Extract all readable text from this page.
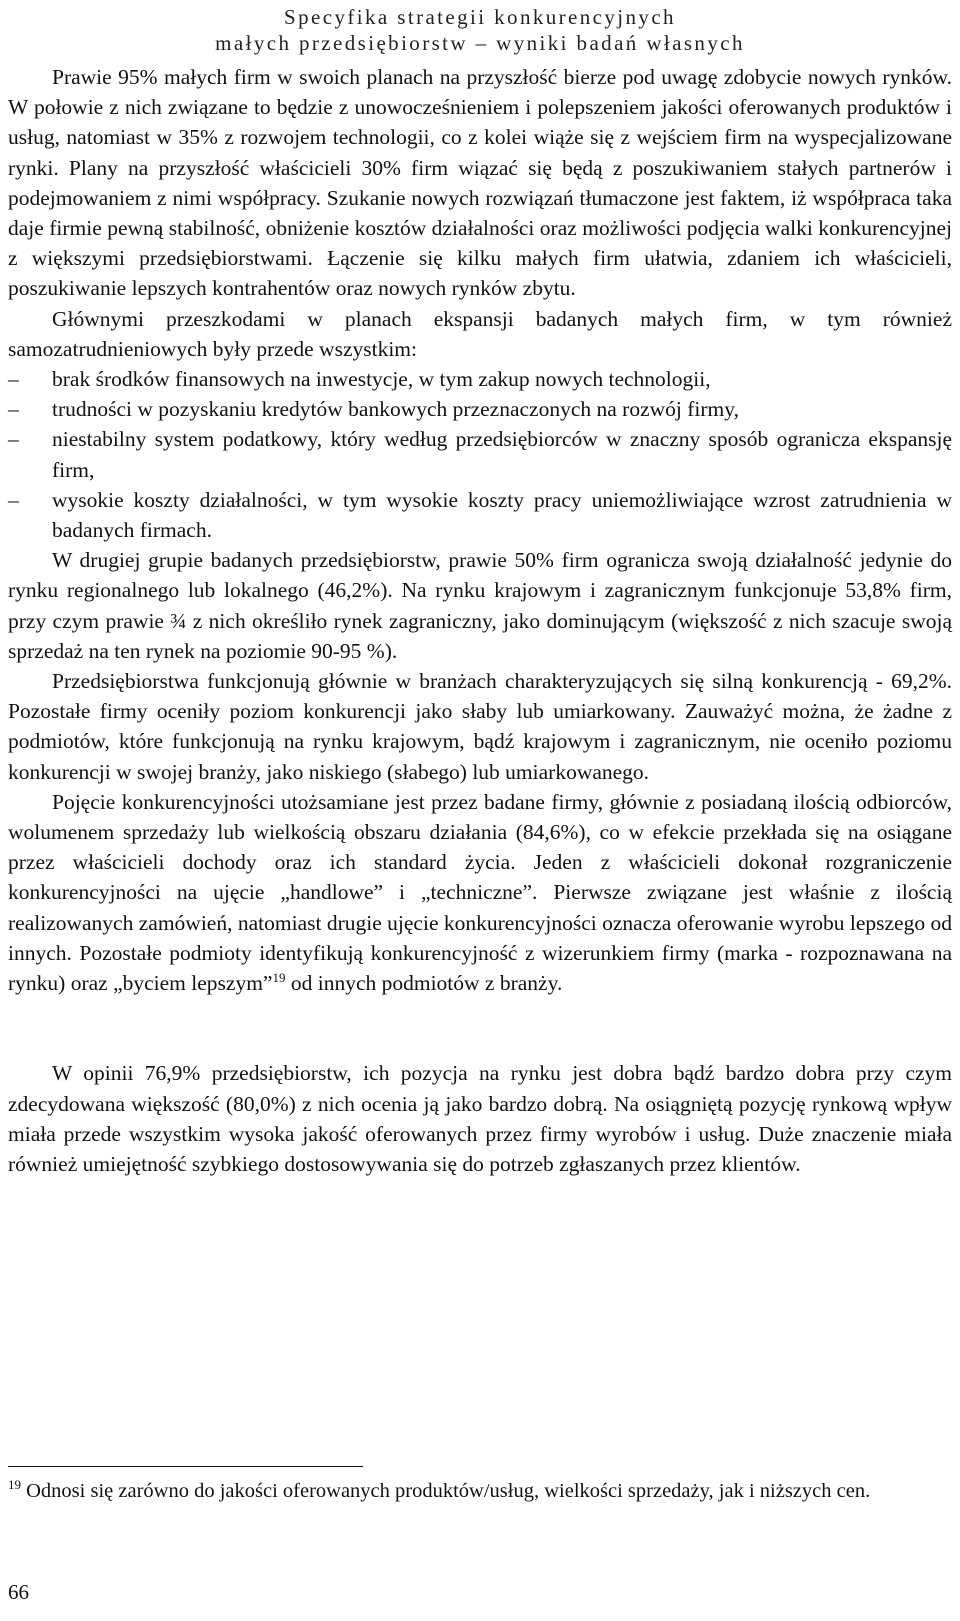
Specyfika strategii konkurencyjnych
małych przedsiębiorstw – wyniki badań własnych

Prawie 95% małych firm w swoich planach na przyszłość bierze pod uwagę zdobycie nowych rynków. W połowie z nich związane to będzie z unowocześnieniem i polepszeniem jakości oferowanych produktów i usług, natomiast w 35% z rozwojem technologii, co z kolei wiąże się z wejściem firm na wyspecjalizowane rynki. Plany na przyszłość właścicieli 30% firm wiązać się będą z poszukiwaniem stałych partnerów i podejmowaniem z nimi współpracy. Szukanie nowych rozwiązań tłumaczone jest faktem, iż współpraca taka daje firmie pewną stabilność, obniżenie kosztów działalności oraz możliwości podjęcia walki konkurencyjnej z większymi przedsiębiorstwami. Łączenie się kilku małych firm ułatwia, zdaniem ich właścicieli, poszukiwanie lepszych kontrahentów oraz nowych rynków zbytu.

Głównymi przeszkodami w planach ekspansji badanych małych firm, w tym również samozatrudnieniowych były przede wszystkim:

– brak środków finansowych na inwestycje, w tym zakup nowych technologii,
– trudności w pozyskaniu kredytów bankowych przeznaczonych na rozwój firmy,
– niestabilny system podatkowy, który według przedsiębiorców w znaczny sposób ogranicza ekspansję firm,
– wysokie koszty działalności, w tym wysokie koszty pracy uniemożliwiające wzrost zatrudnienia w badanych firmach.

W drugiej grupie badanych przedsiębiorstw, prawie 50% firm ogranicza swoją działalność jedynie do rynku regionalnego lub lokalnego (46,2%). Na rynku krajowym i zagranicznym funkcjonuje 53,8% firm, przy czym prawie ¾ z nich określiło rynek zagraniczny, jako dominującym (większość z nich szacuje swoją sprzedaż na ten rynek na poziomie 90-95 %).

Przedsiębiorstwa funkcjonują głównie w branżach charakteryzujących się silną konkurencją - 69,2%. Pozostałe firmy oceniły poziom konkurencji jako słaby lub umiarkowany. Zauważyć można, że żadne z podmiotów, które funkcjonują na rynku krajowym, bądź krajowym i zagranicznym, nie oceniło poziomu konkurencji w swojej branży, jako niskiego (słabego) lub umiarkowanego.

Pojęcie konkurencyjności utożsamiane jest przez badane firmy, głównie z posiadaną ilością odbiorców, wolumenem sprzedaży lub wielkością obszaru działania (84,6%), co w efekcie przekłada się na osiągane przez właścicieli dochody oraz ich standard życia. Jeden z właścicieli dokonał rozgraniczenie konkurencyjności na ujęcie „handlowe” i „techniczne”. Pierwsze związane jest właśnie z ilością realizowanych zamówień, natomiast drugie ujęcie konkurencyjności oznacza oferowanie wyrobu lepszego od innych. Pozostałe podmioty identyfikują konkurencyjność z wizerunkiem firmy (marka - rozpoznawana na rynku) oraz „byciem lepszym”$^{19}$ od innych podmiotów z branży.

W opinii 76,9% przedsiębiorstw, ich pozycja na rynku jest dobra bądź bardzo dobra przy czym zdecydowana większość (80,0%) z nich ocenia ją jako bardzo dobrą. Na osiągniętą pozycję rynkową wpływ miała przede wszystkim wysoka jakość oferowanych przez firmy wyrobów i usług. Duże znaczenie miała również umiejętność szybkiego dostosowywania się do potrzeb zgłaszanych przez klientów.

$^{19}$ Odnosi się zarówno do jakości oferowanych produktów/usług, wielkości sprzedaży, jak i niższych cen.
66
